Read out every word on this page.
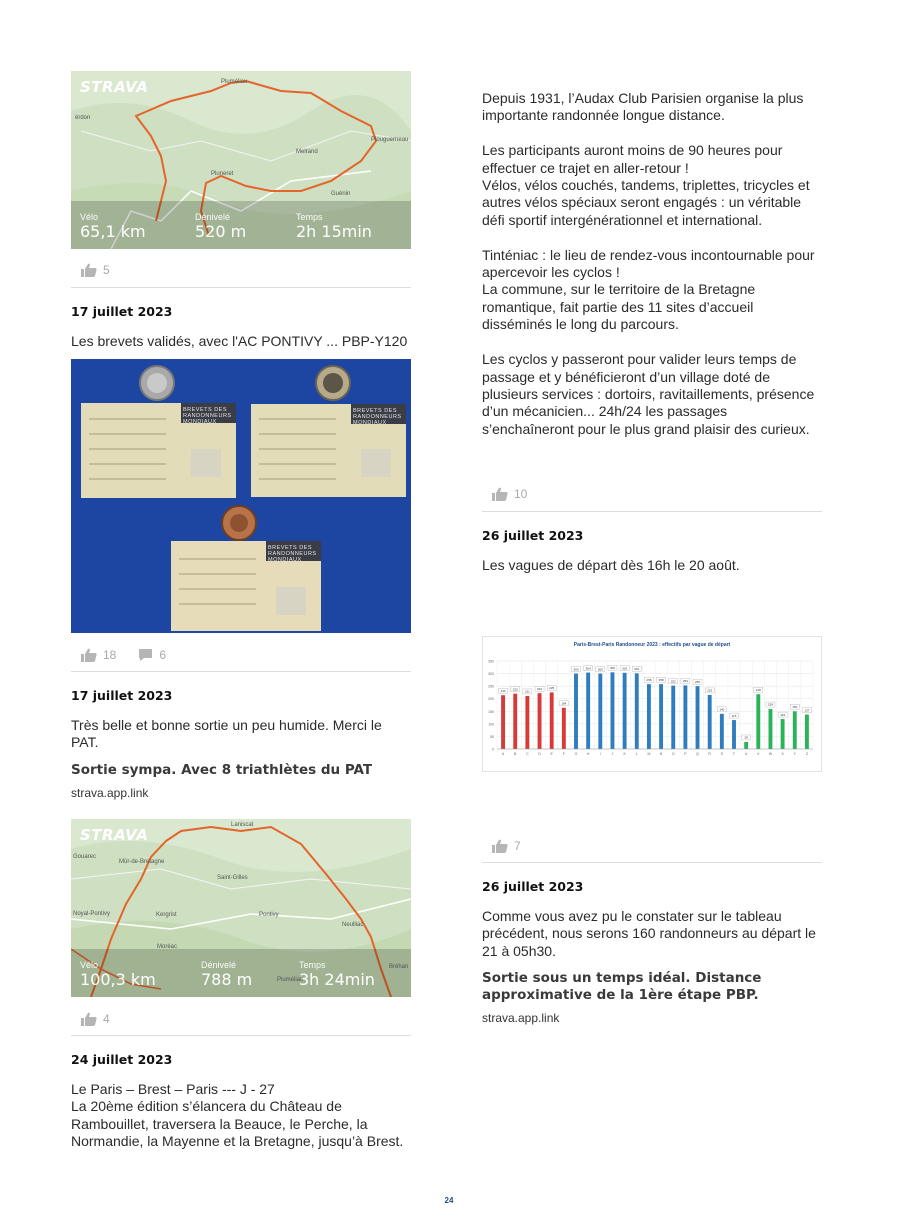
STRAVA
érdon
Pluméliau
Pluneret
Melrand
Plouguerneau
Guénin
Vélo
65,1 km
Dénivelé
520 m
Temps
2h 15min
5
17 juillet 2023
Les brevets validés, avec l'AC PONTIVY ... PBP-Y120
BREVETS DES RANDONNEURS MONDIAUX
BREVETS DES RANDONNEURS MONDIAUX
BREVETS DES RANDONNEURS MONDIAUX
18	6
17 juillet 2023
Très belle et bonne sortie un peu humide. Merci le PAT.
Sortie sympa. Avec 8 triathlètes du PAT
strava.app.link
STRAVA
Laniscat
Gouarec
Mûr-de-Bretagne
Saint-Gilles
Kergrist	Pontivy
Neulliac
Noyal-Pontivy
Moréac
Pluméliau
Bréhan
Vélo
100,3 km
Dénivelé
788 m
Temps
3h 24min
4
24 juillet 2023
Le Paris – Brest – Paris --- J - 27
La 20ème édition s’élancera du Château de Rambouillet, traversera la Beauce, le Perche, la Normandie, la Mayenne et la Bretagne, jusqu’à Brest.
Depuis 1931, l’Audax Club Parisien organise la plus importante randonnée longue distance.

Les participants auront moins de 90 heures pour effectuer ce trajet en aller-retour !
Vélos, vélos couchés, tandems, triplettes, tricycles et autres vélos spéciaux seront engagés : un véritable défi sportif intergénérationnel et international.

Tinténiac : le lieu de rendez-vous incontournable pour apercevoir les cyclos !
La commune, sur le territoire de la Bretagne romantique, fait partie des 11 sites d’accueil disséminés le long du parcours.

Les cyclos y passeront pour valider leurs temps de passage et y bénéficieront d’un village doté de plusieurs services : dortoirs, ravitaillements, présence d’un mécanicien... 24h/24 les passages s’enchaîneront pour le plus grand plaisir des curieux.
10
26 juillet 2023
Les vagues de départ dès 16h le 20 août.
Paris-Brest-Paris Randonneur 2023 : effectifs par vague de départ
0
50
100
150
200
250
300
350
214
A
220
B
211
C
222
D
225
E
164
F
300
G
304
H
300
I
305
J
303
K
301
L
258
M
258
N
252
O
253
P
250
Q
215
R
140
S
115
T
28
U
218
V
159
W
119
X
150
Y
137
Z
7
26 juillet 2023
Comme vous avez pu le constater sur le tableau précédent, nous serons 160 randonneurs au départ le 21 à 05h30.
Sortie sous un temps idéal. Distance approximative de la 1ère étape PBP.
strava.app.link
24
